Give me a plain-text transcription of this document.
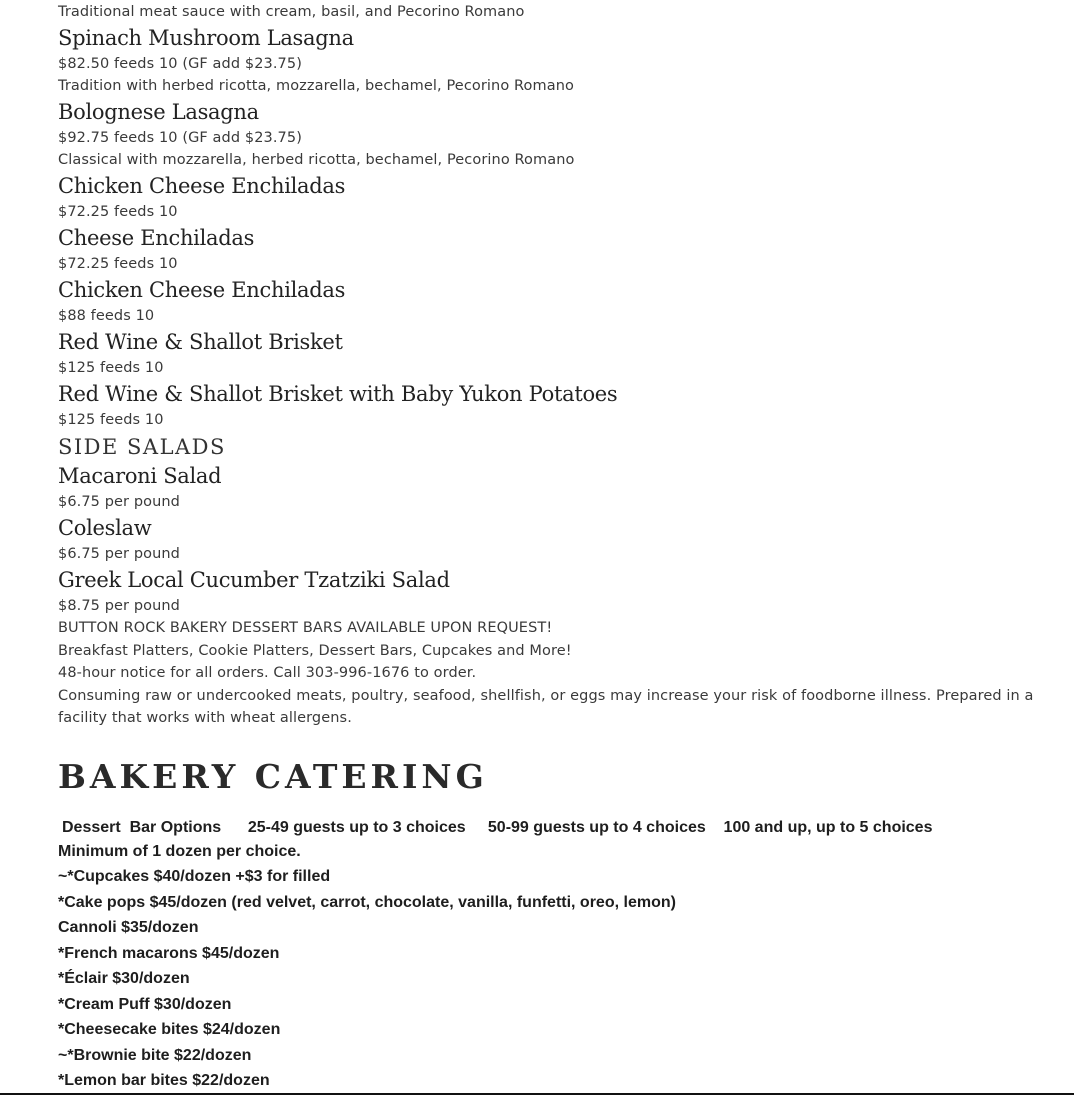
Traditional meat sauce with cream, basil, and Pecorino Romano

Spinach Mushroom Lasagna

$82.50 feeds 10 (GF add $23.75)

Tradition with herbed ricotta, mozzarella, bechamel, Pecorino Romano

Bolognese Lasagna

$92.75 feeds 10 (GF add $23.75)

Classical with mozzarella, herbed ricotta, bechamel, Pecorino Romano

Chicken Cheese Enchiladas

$72.25 feeds 10

Cheese Enchiladas

$72.25 feeds 10

Chicken Cheese Enchiladas

$88 feeds 10

Red Wine & Shallot Brisket

$125 feeds 10

Red Wine & Shallot Brisket with Baby Yukon Potatoes

$125 feeds 10

SIDE SALADS

Macaroni Salad

$6.75 per pound

Coleslaw

$6.75 per pound

Greek Local Cucumber Tzatziki Salad

$8.75 per pound

BUTTON ROCK BAKERY DESSERT BARS AVAILABLE UPON REQUEST!

Breakfast Platters, Cookie Platters, Dessert Bars, Cupcakes and More!

48-hour notice for all orders. Call 303-996-1676 to order.

Consuming raw or undercooked meats, poultry, seafood, shellfish, or eggs may increase your risk of foodborne illness. Prepared in a facility that works with wheat allergens.

BAKERY CATERING

Dessert  Bar Options      25-49 guests up to 3 choices     50-99 guests up to 4 choices    100 and up, up to 5 choices

Minimum of 1 dozen per choice.

~*Cupcakes $40/dozen +$3 for filled

*Cake pops $45/dozen (red velvet, carrot, chocolate, vanilla, funfetti, oreo, lemon)

Cannoli $35/dozen

*French macarons $45/dozen

*Éclair $30/dozen

*Cream Puff $30/dozen

*Cheesecake bites $24/dozen

~*Brownie bite $22/dozen

*Lemon bar bites $22/dozen
